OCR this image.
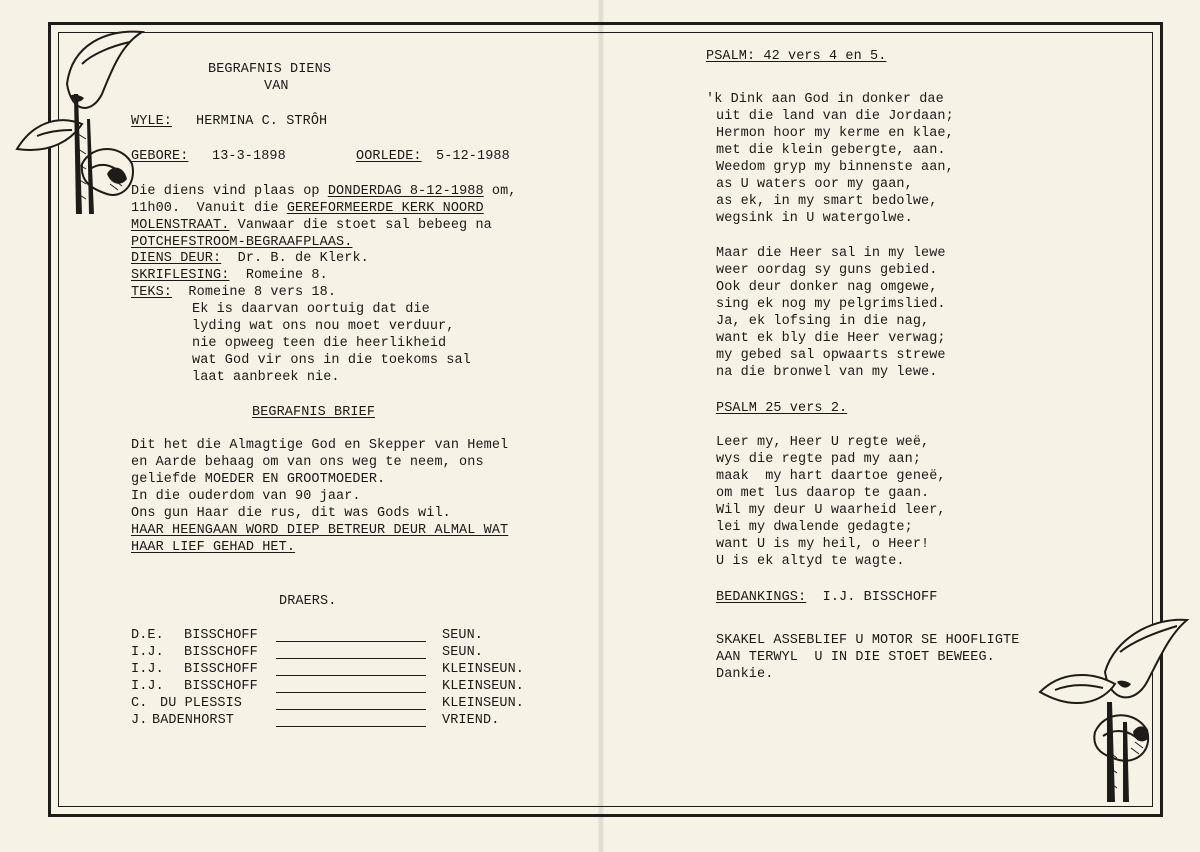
BEGRAFNIS DIENS
VAN
WYLE: HERMINA C. STRÔH
GEBORE: 13-3-1898	OORLEDE: 5-12-1988
Die diens vind plaas op DONDERDAG 8-12-1988 om,
11h00.  Vanuit die GEREFORMEERDE KERK NOORD
MOLENSTRAAT. Vanwaar die stoet sal bebeeg na
POTCHEFSTROOM-BEGRAAFPLAAS.
DIENS DEUR:  Dr. B. de Klerk.
SKRIFLESING:  Romeine 8.
TEKS:  Romeine 8 vers 18.
Ek is daarvan oortuig dat die
lyding wat ons nou moet verduur,
nie opweeg teen die heerlikheid
wat God vir ons in die toekoms sal
laat aanbreek nie.
BEGRAFNIS BRIEF
Dit het die Almagtige God en Skepper van Hemel
en Aarde behaag om van ons weg te neem, ons
geliefde MOEDER EN GROOTMOEDER.
In die ouderdom van 90 jaar.
Ons gun Haar die rus, dit was Gods wil.
HAAR HEENGAAN WORD DIEP BETREUR DEUR ALMAL WAT
HAAR LIEF GEHAD HET.
DRAERS.
D.E. BISSCHOFF	SEUN.
I.J. BISSCHOFF	SEUN.
I.J. BISSCHOFF	KLEINSEUN.
I.J. BISSCHOFF	KLEINSEUN.
C. DU PLESSIS	KLEINSEUN.
J. BADENHORST	VRIEND.
PSALM: 42 vers 4 en 5.
'k Dink aan God in donker dae
uit die land van die Jordaan;
Hermon hoor my kerme en klae,
met die klein gebergte, aan.
Weedom gryp my binnenste aan,
as U waters oor my gaan,
as ek, in my smart bedolwe,
wegsink in U watergolwe.
Maar die Heer sal in my lewe
weer oordag sy guns gebied.
Ook deur donker nag omgewe,
sing ek nog my pelgrimslied.
Ja, ek lofsing in die nag,
want ek bly die Heer verwag;
my gebed sal opwaarts strewe
na die bronwel van my lewe.
PSALM 25 vers 2.
Leer my, Heer U regte weë,
wys die regte pad my aan;
maak  my hart daartoe geneë,
om met lus daarop te gaan.
Wil my deur U waarheid leer,
lei my dwalende gedagte;
want U is my heil, o Heer!
U is ek altyd te wagte.
BEDANKINGS:  I.J. BISSCHOFF
SKAKEL ASSEBLIEF U MOTOR SE HOOFLIGTE
AAN TERWYL  U IN DIE STOET BEWEEG.
Dankie.
